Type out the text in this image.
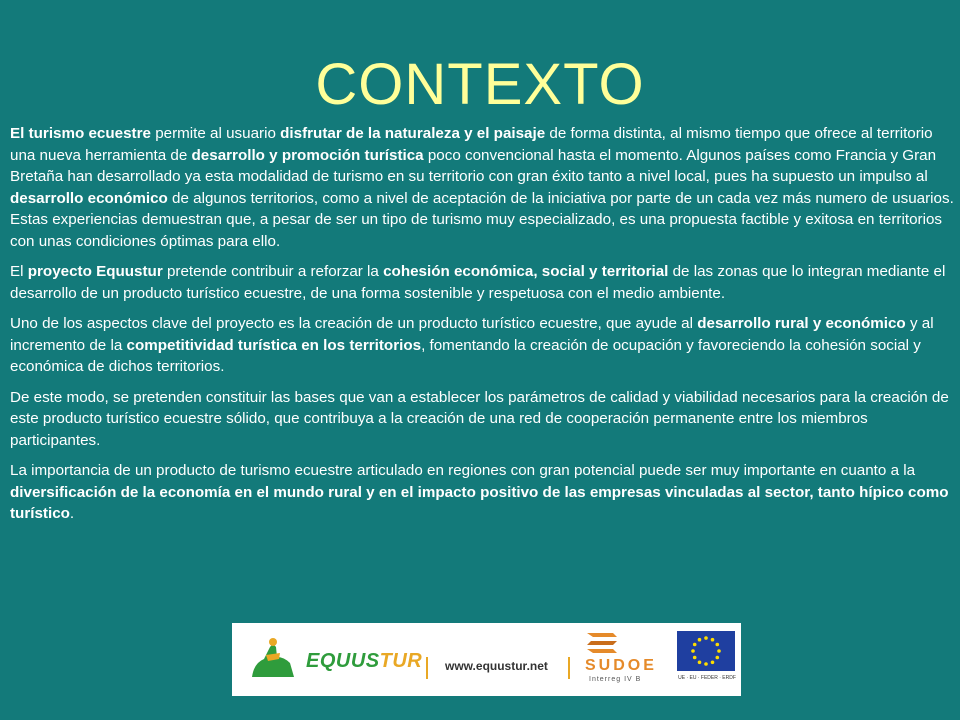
CONTEXTO

El turismo ecuestre permite al usuario disfrutar de la naturaleza y el paisaje de forma distinta, al mismo tiempo que ofrece al territorio una nueva herramienta de desarrollo y promoción turística poco convencional hasta el momento. Algunos países como Francia y Gran Bretaña han desarrollado ya esta modalidad de turismo en su territorio con gran éxito tanto a nivel local, pues ha supuesto un impulso al desarrollo económico de algunos territorios, como a nivel de aceptación de la iniciativa por parte de un cada vez más numero de usuarios. Estas experiencias demuestran que, a pesar de ser un tipo de turismo muy especializado, es una propuesta factible y exitosa en territorios con unas condiciones óptimas para ello.

El proyecto Equustur pretende contribuir a reforzar la cohesión económica, social y territorial de las zonas que lo integran mediante el desarrollo de un producto turístico ecuestre, de una forma sostenible y respetuosa con el medio ambiente.

Uno de los aspectos clave del proyecto es la creación de un producto turístico ecuestre, que ayude al desarrollo rural y económico y al incremento de la competitividad turística en los territorios, fomentando la creación de ocupación y favoreciendo la cohesión social y económica de dichos territorios.

De este modo, se pretenden constituir las bases que van a establecer los parámetros de calidad y viabilidad necesarios para la creación de este producto turístico ecuestre sólido, que contribuya a la creación de una red de cooperación permanente entre los miembros participantes.

La importancia de un producto de turismo ecuestre articulado en regiones con gran potencial puede ser muy importante en cuanto a la diversificación de la economía en el mundo rural y en el impacto positivo de las empresas vinculadas al sector, tanto hípico como turístico.

EQUUSTUR www.equustur.net SUDOE
Interreg IV B	UE · EU · FEDER · ERDF
